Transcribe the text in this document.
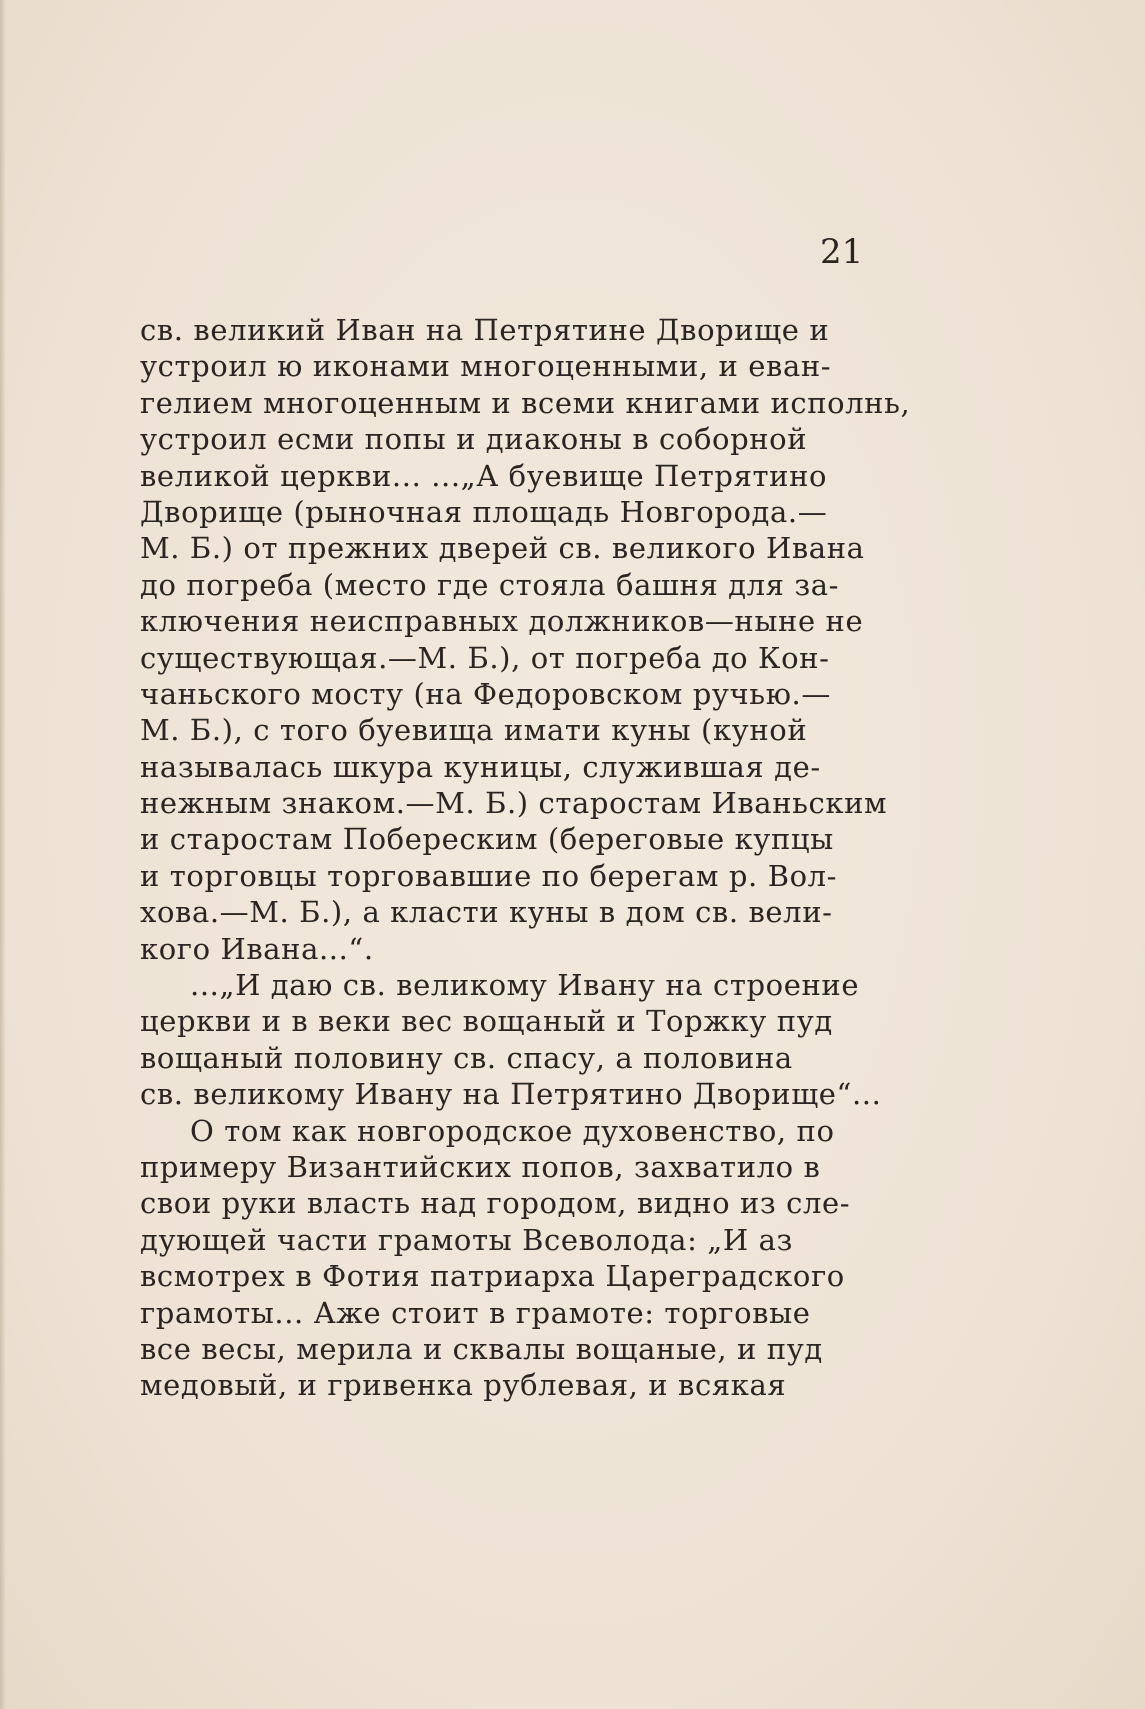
21
св. великий Иван на Петрятине Дворище и
устроил ю иконами многоценными, и еван-
гелием многоценным и всеми книгами исполнь,
устроил есми попы и диаконы в соборной
великой церкви... ...„А буевище Петрятино
Дворище (рыночная площадь Новгорода.—
М. Б.) от прежних дверей св. великого Ивана
до погреба (место где стояла башня для за-
ключения неисправных должников—ныне не
существующая.—М. Б.), от погреба до Кон-
чаньского мосту (на Федоровском ручью.—
М. Б.), с того буевища имати куны (куной
называлась шкура куницы, служившая де-
нежным знаком.—М. Б.) старостам Иваньским
и старостам Побереским (береговые купцы
и торговцы торговавшие по берегам р. Вол-
хова.—М. Б.), а класти куны в дом св. вели-
кого Ивана...“.
...„И даю св. великому Ивану на строение
церкви и в веки вес вощаный и Торжку пуд
вощаный половину св. спасу, а половина
св. великому Ивану на Петрятино Дворище“...
О том как новгородское духовенство, по
примеру Византийских попов, захватило в
свои руки власть над городом, видно из сле-
дующей части грамоты Всеволода: „И аз
всмотрех в Фотия патриарха Цареградского
грамоты... Аже стоит в грамоте: торговые
все весы, мерила и сквалы вощаные, и пуд
медовый, и гривенка рублевая, и всякая
